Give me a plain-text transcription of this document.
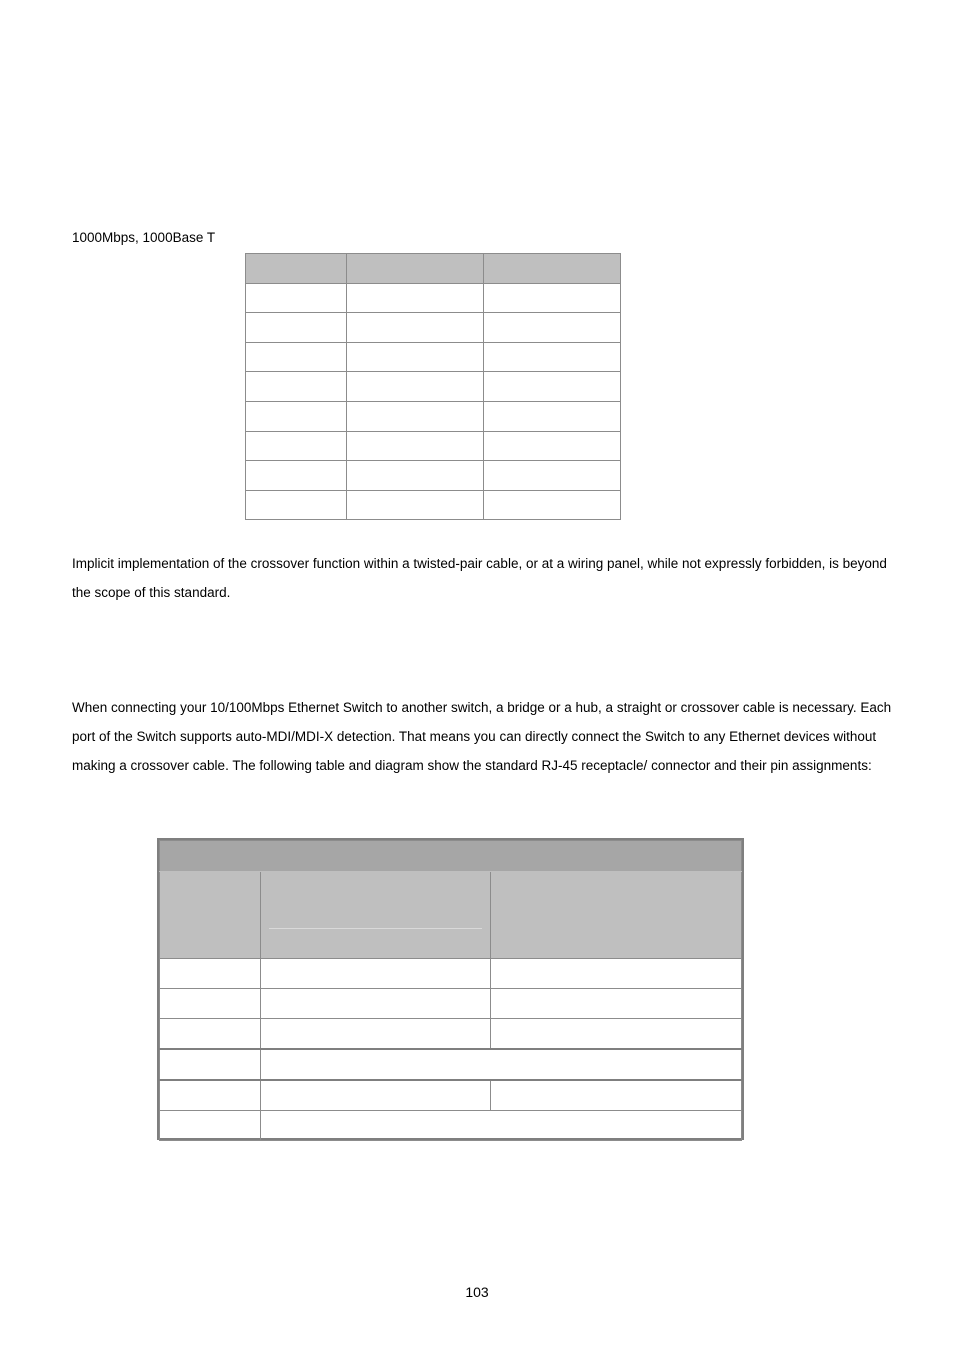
1000Mbps, 1000Base T

Implicit implementation of the crossover function within a twisted-pair cable, or at a wiring panel, while not expressly forbidden, is beyond the scope of this standard.
When connecting your 10/100Mbps Ethernet Switch to another switch, a bridge or a hub, a straight or crossover cable is necessary. Each port of the Switch supports auto-MDI/MDI-X detection. That means you can directly connect the Switch to any Ethernet devices without making a crossover cable. The following table and diagram show the standard RJ-45 receptacle/ connector and their pin assignments:

103
